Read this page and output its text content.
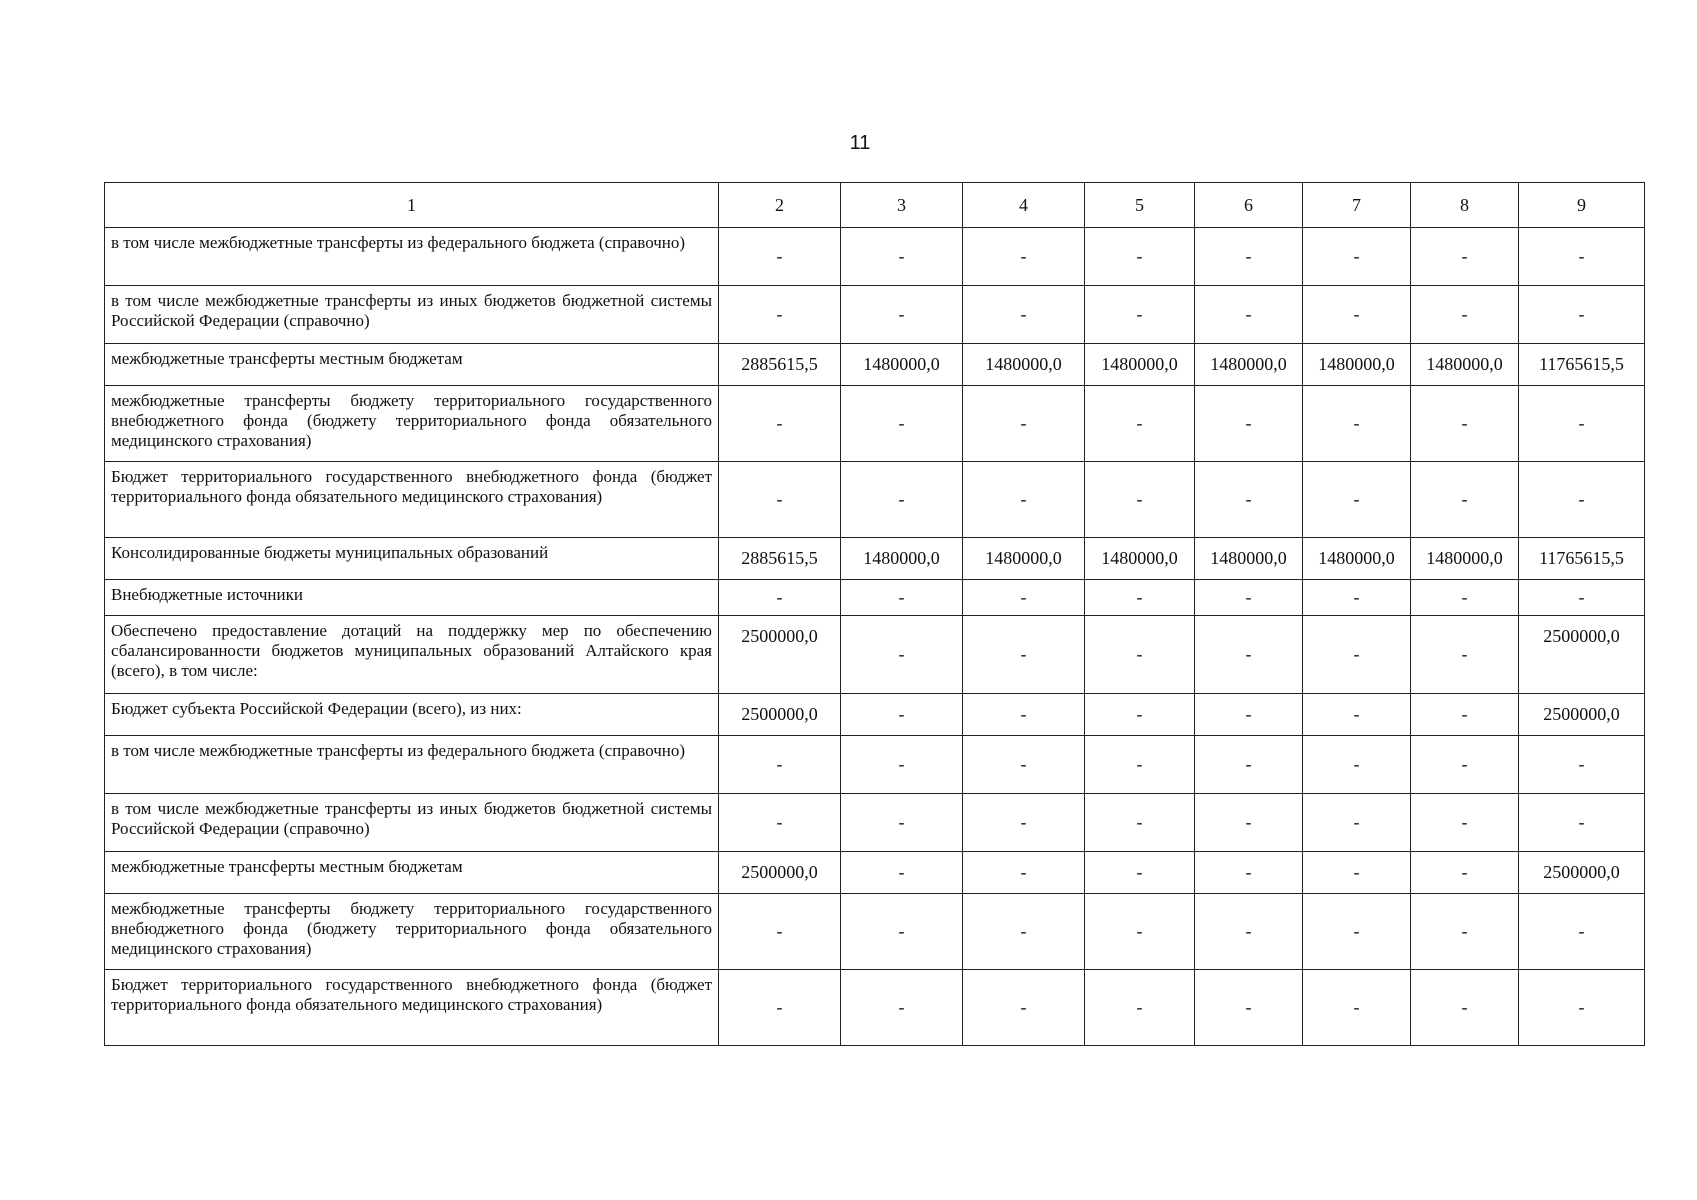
11
1	2	3	4	5	6	7	8	9
в том числе межбюджетные трансферты из федерального бюджета (справочно)	-	-	-	-	-	-	-	-
в том числе межбюджетные трансферты из иных бюджетов бюджетной системы Российской Федерации (справочно)	-	-	-	-	-	-	-	-
межбюджетные трансферты местным бюджетам	2885615,5	1480000,0	1480000,0	1480000,0	1480000,0	1480000,0	1480000,0	11765615,5
межбюджетные трансферты бюджету территориального государственного внебюджетного фонда (бюджету территориального фонда обязательного медицинского страхования)	-	-	-	-	-	-	-	-
Бюджет территориального государственного внебюджетного фонда (бюджет территориального фонда обязательного медицинского страхования)	-	-	-	-	-	-	-	-
Консолидированные бюджеты муниципальных образований	2885615,5	1480000,0	1480000,0	1480000,0	1480000,0	1480000,0	1480000,0	11765615,5
Внебюджетные источники	-	-	-	-	-	-	-	-
Обеспечено предоставление дотаций на поддержку мер по обеспечению сбалансированности бюджетов муниципальных образований Алтайского края (всего), в том числе:	2500000,0	-	-	-	-	-	-	2500000,0
Бюджет субъекта Российской Федерации (всего), из них:	2500000,0	-	-	-	-	-	-	2500000,0
в том числе межбюджетные трансферты из федерального бюджета (справочно)	-	-	-	-	-	-	-	-
в том числе межбюджетные трансферты из иных бюджетов бюджетной системы Российской Федерации (справочно)	-	-	-	-	-	-	-	-
межбюджетные трансферты местным бюджетам	2500000,0	-	-	-	-	-	-	2500000,0
межбюджетные трансферты бюджету территориального государственного внебюджетного фонда (бюджету территориального фонда обязательного медицинского страхования)	-	-	-	-	-	-	-	-
Бюджет территориального государственного внебюджетного фонда (бюджет территориального фонда обязательного медицинского страхования)	-	-	-	-	-	-	-	-
